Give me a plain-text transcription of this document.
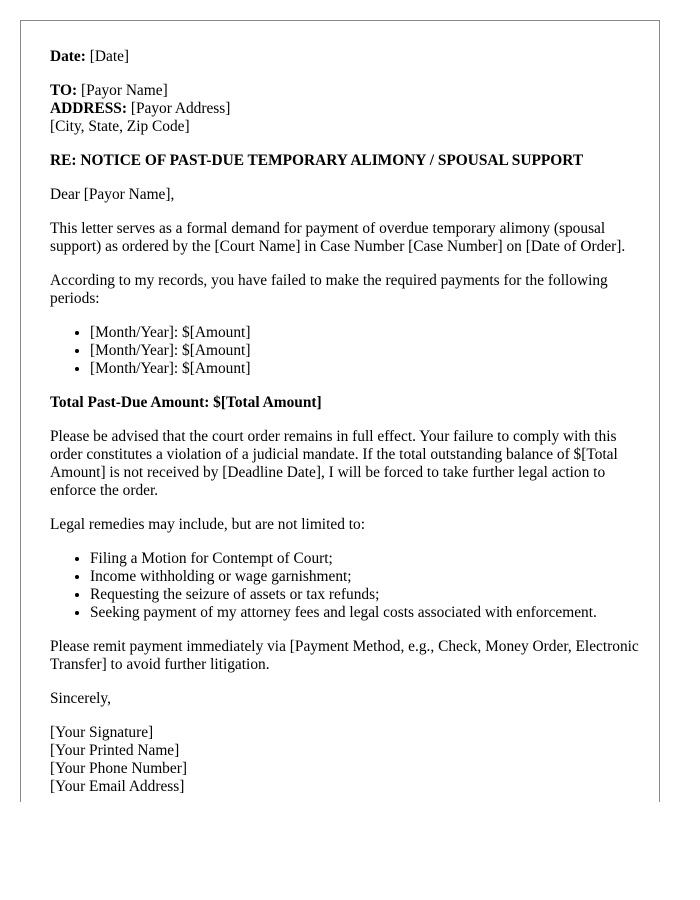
Date: [Date]

TO: [Payor Name]

ADDRESS: [Payor Address]

[City, State, Zip Code]

RE: NOTICE OF PAST-DUE TEMPORARY ALIMONY / SPOUSAL SUPPORT

Dear [Payor Name],

This letter serves as a formal demand for payment of overdue temporary alimony (spousal support) as ordered by the [Court Name] in Case Number [Case Number] on [Date of Order].

According to my records, you have failed to make the required payments for the following periods:

• [Month/Year]: $[Amount]
• [Month/Year]: $[Amount]
• [Month/Year]: $[Amount]

Total Past-Due Amount: $[Total Amount]

Please be advised that the court order remains in full effect. Your failure to comply with this order constitutes a violation of a judicial mandate. If the total outstanding balance of $[Total Amount] is not received by [Deadline Date], I will be forced to take further legal action to enforce the order.

Legal remedies may include, but are not limited to:

• Filing a Motion for Contempt of Court;
• Income withholding or wage garnishment;
• Requesting the seizure of assets or tax refunds;
• Seeking payment of my attorney fees and legal costs associated with enforcement.

Please remit payment immediately via [Payment Method, e.g., Check, Money Order, Electronic Transfer] to avoid further litigation.

Sincerely,

[Your Signature]

[Your Printed Name]

[Your Phone Number]

[Your Email Address]
